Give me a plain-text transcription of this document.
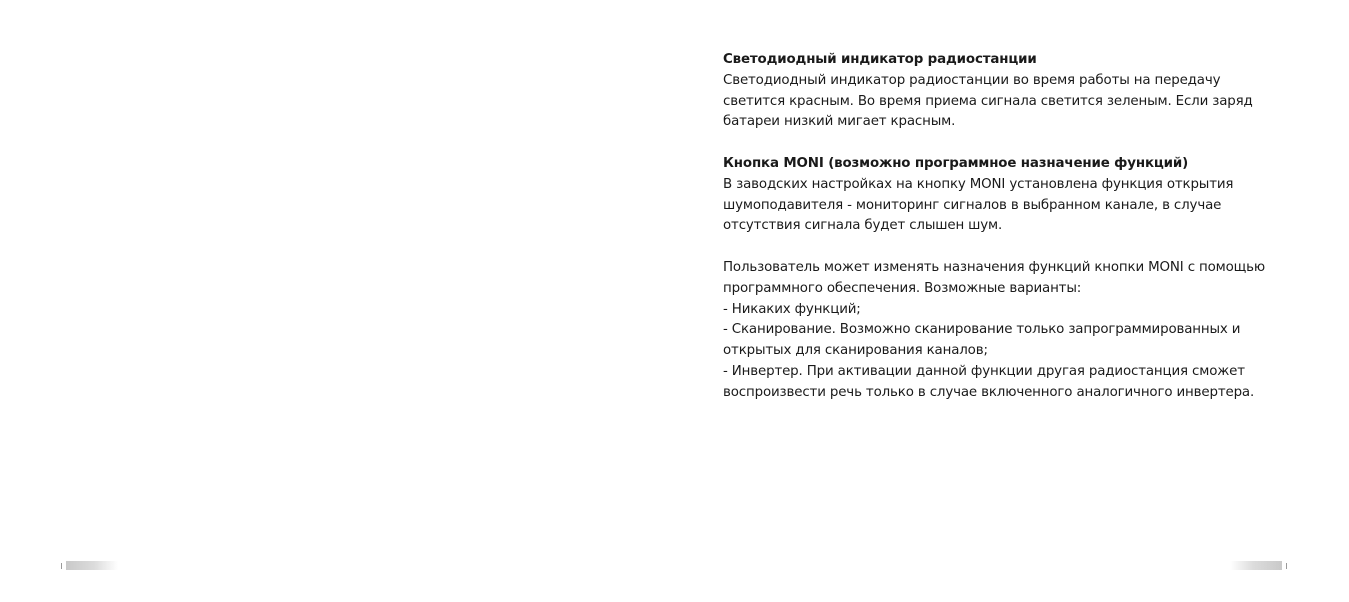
Светодиодный индикатор радиостанции

Светодиодный индикатор радиостанции во время работы на передачу

светится красным. Во время приема сигнала светится зеленым. Если заряд

батареи низкий мигает красным.

Кнопка MONI (возможно программное назначение функций)

В заводских настройках на кнопку MONI установлена функция открытия

шумоподавителя - мониторинг сигналов в выбранном канале, в случае

отсутствия сигнала будет слышен шум.

Пользователь может изменять назначения функций кнопки MONI с помощью

программного обеспечения. Возможные варианты:

- Никаких функций;

- Сканирование. Возможно сканирование только запрограммированных и

открытых для сканирования каналов;

- Инвертер. При активации данной функции другая радиостанция сможет

воспроизвести речь только в случае включенного аналогичного инвертера.
